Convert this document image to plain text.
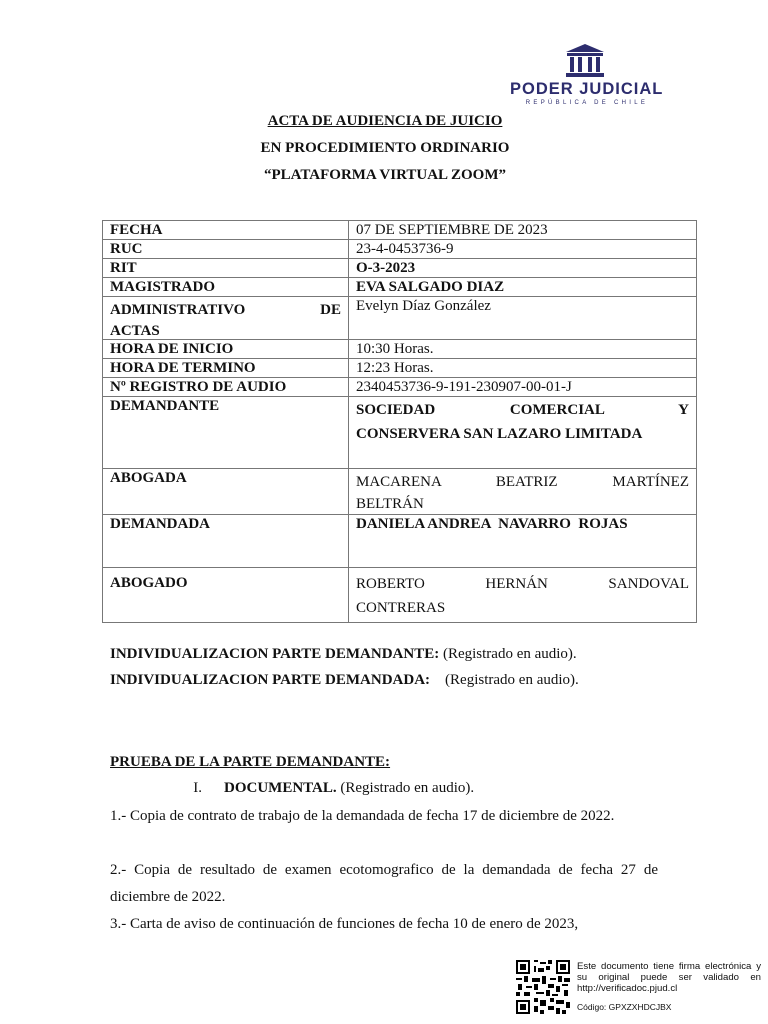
PODER JUDICIAL
REPÚBLICA DE CHILE
ACTA DE AUDIENCIA DE JUICIO
EN PROCEDIMIENTO ORDINARIO
“PLATAFORMA VIRTUAL ZOOM”
FECHA	07 DE SEPTIEMBRE DE 2023
RUC	23-4-0453736-9
RIT	O-3-2023
MAGISTRADO	EVA SALGADO DIAZ

ADMINISTRATIVO DE
ACTAS	Evelyn Díaz González
HORA DE INICIO	10:30 Horas.
HORA DE TERMINO	12:23 Horas.
Nº REGISTRO DE AUDIO	2340453736-9-191-230907-00-01-J
DEMANDANTE	SOCIEDAD COMERCIAL Y
CONSERVERA SAN LAZARO LIMITADA

ABOGADA	MACARENA BEATRIZ MARTÍNEZ
BELTRÁN

DEMANDADA	DANIELA ANDREA  NAVARRO  ROJAS
ABOGADO	ROBERTO HERNÁN SANDOVAL
CONTRERAS
INDIVIDUALIZACION PARTE DEMANDANTE: (Registrado en audio).
INDIVIDUALIZACION PARTE DEMANDADA:    (Registrado en audio).
PRUEBA DE LA PARTE DEMANDANTE:
I. DOCUMENTAL. (Registrado en audio).
1.- Copia de contrato de trabajo de la demandada de fecha 17 de diciembre de 2022.
2.- Copia de resultado de examen ecotomografico de la demandada de fecha 27 de diciembre de 2022.
3.- Carta de aviso de continuación de funciones de fecha 10 de enero de 2023,
Este documento tiene firma electrónica y su original puede ser validado en http://verificadoc.pjud.cl
Código: GPXZXHDCJBX
